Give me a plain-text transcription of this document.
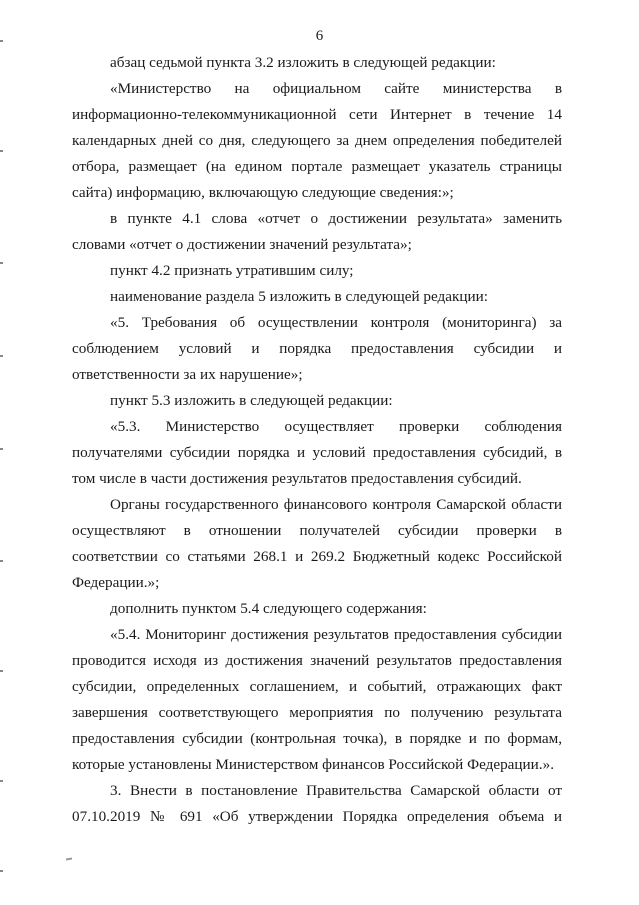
6

абзац седьмой пункта 3.2 изложить в следующей редакции:

«Министерство на официальном сайте министерства в информационно-телекоммуникационной сети Интернет в течение 14 календарных дней со дня, следующего за днем определения победителей отбора, размещает (на едином портале размещает указатель страницы сайта) информацию, включающую следующие сведения:»;

в пункте 4.1 слова «отчет о достижении результата» заменить словами «отчет о достижении значений результата»;

пункт 4.2 признать утратившим силу;

наименование раздела 5 изложить в следующей редакции:

«5. Требования об осуществлении контроля (мониторинга) за соблюдением условий и порядка предоставления субсидии и ответственности за их нарушение»;

пункт 5.3 изложить в следующей редакции:

«5.3. Министерство осуществляет проверки соблюдения получателями субсидии порядка и условий предоставления субсидий, в том числе в части достижения результатов предоставления субсидий.

Органы государственного финансового контроля Самарской области осуществляют в отношении получателей субсидии проверки в соответствии со статьями 268.1 и 269.2 Бюджетный кодекс Российской Федерации.»;

дополнить пунктом 5.4 следующего содержания:

«5.4. Мониторинг достижения результатов предоставления субсидии проводится исходя из достижения значений результатов предоставления субсидии, определенных соглашением, и событий, отражающих факт завершения соответствующего мероприятия по получению результата предоставления субсидии (контрольная точка), в порядке и по формам, которые установлены Министерством финансов Российской Федерации.».

3. Внести в постановление Правительства Самарской области от 07.10.2019 № 691 «Об утверждении Порядка определения объема и
